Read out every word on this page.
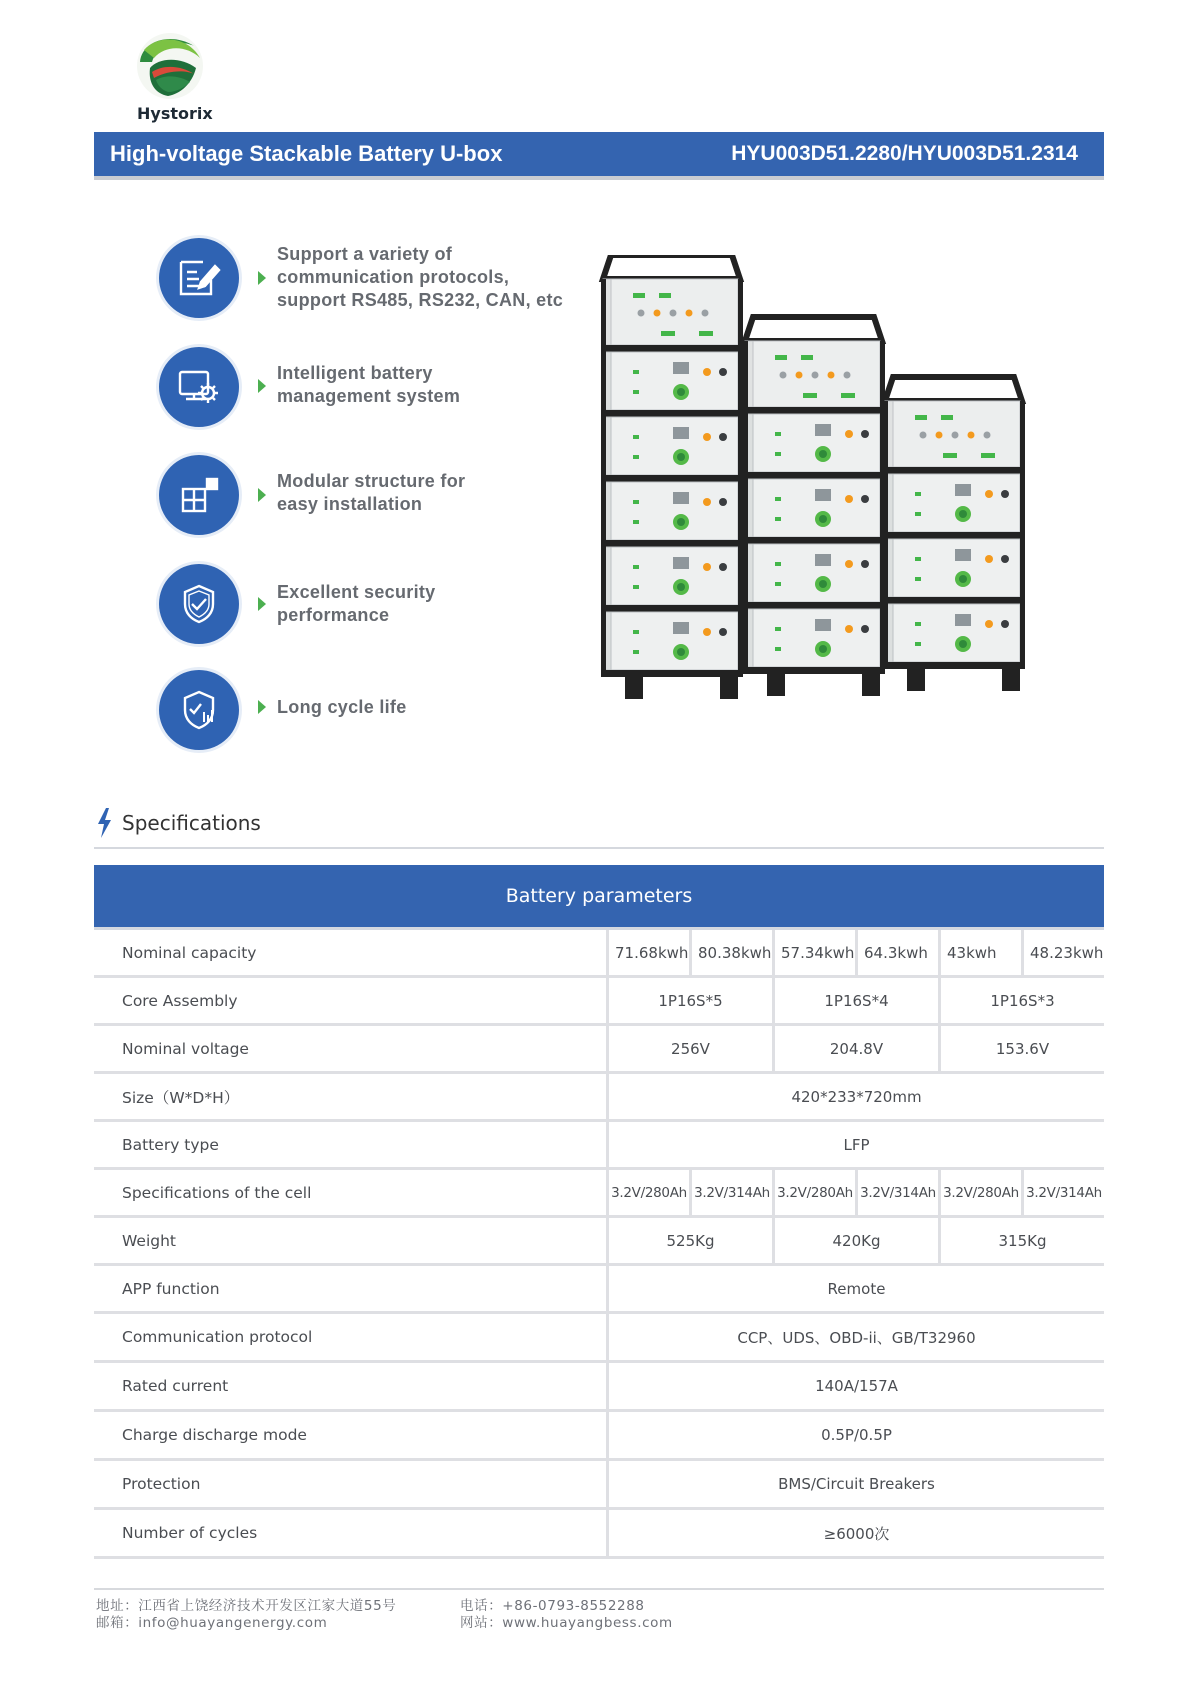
Hystorix
High-voltage Stackable Battery U-box	HYU003D51.2280/HYU003D51.2314
Support a variety of
communication protocols,
support RS485, RS232, CAN, etc
Intelligent battery
management system
Modular structure for
easy installation
Excellent security
performance
Long cycle life
Specifications
Battery parameters
Nominal capacity	71.68kwh 80.38kwh 57.34kwh 64.3kwh	43kwh	48.23kwh
Core Assembly	1P16S*5	1P16S*4	1P16S*3
Nominal voltage	256V	204.8V	153.6V
Size（W*D*H）	420*233*720mm
Battery type	LFP
Specifications of the cell	3.2V/280Ah 3.2V/314Ah 3.2V/280Ah 3.2V/314Ah 3.2V/280Ah 3.2V/314Ah
Weight	525Kg	420Kg	315Kg
APP function	Remote
Communication protocol	CCP、UDS、OBD-ii、GB/T32960
Rated current	140A/157A
Charge discharge mode	0.5P/0.5P
Protection	BMS/Circuit Breakers
Number of cycles	≥6000次
地址：江西省上饶经济技术开发区江家大道55号
邮箱：info@huayangenergy.com
电话：+86-0793-8552288
网站：www.huayangbess.com
